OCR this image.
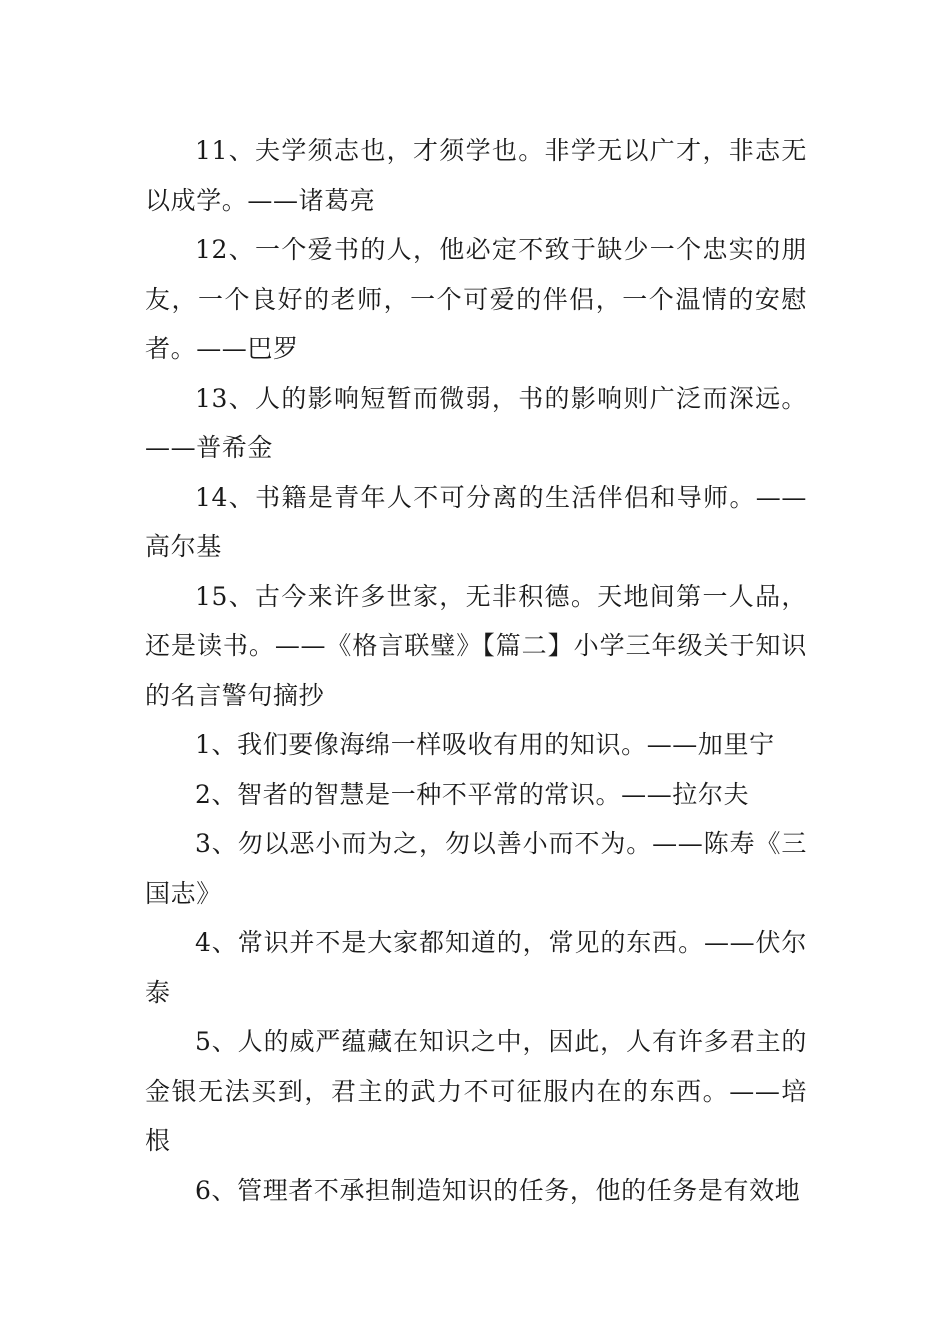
11、夫学须志也，才须学也。非学无以广才，非志无以成学。——诸葛亮

12、一个爱书的人，他必定不致于缺少一个忠实的朋友，一个良好的老师，一个可爱的伴侣，一个温情的安慰者。——巴罗

13、人的影响短暂而微弱，书的影响则广泛而深远。——普希金

14、书籍是青年人不可分离的生活伴侣和导师。——高尔基

15、古今来许多世家，无非积德。天地间第一人品，还是读书。——《格言联璧》【篇二】小学三年级关于知识的名言警句摘抄

1、我们要像海绵一样吸收有用的知识。——加里宁

2、智者的智慧是一种不平常的常识。——拉尔夫

3、勿以恶小而为之，勿以善小而不为。——陈寿《三国志》

4、常识并不是大家都知道的，常见的东西。——伏尔泰

5、人的威严蕴藏在知识之中，因此，人有许多君主的金银无法买到，君主的武力不可征服内在的东西。——培根

6、管理者不承担制造知识的任务，他的任务是有效地
